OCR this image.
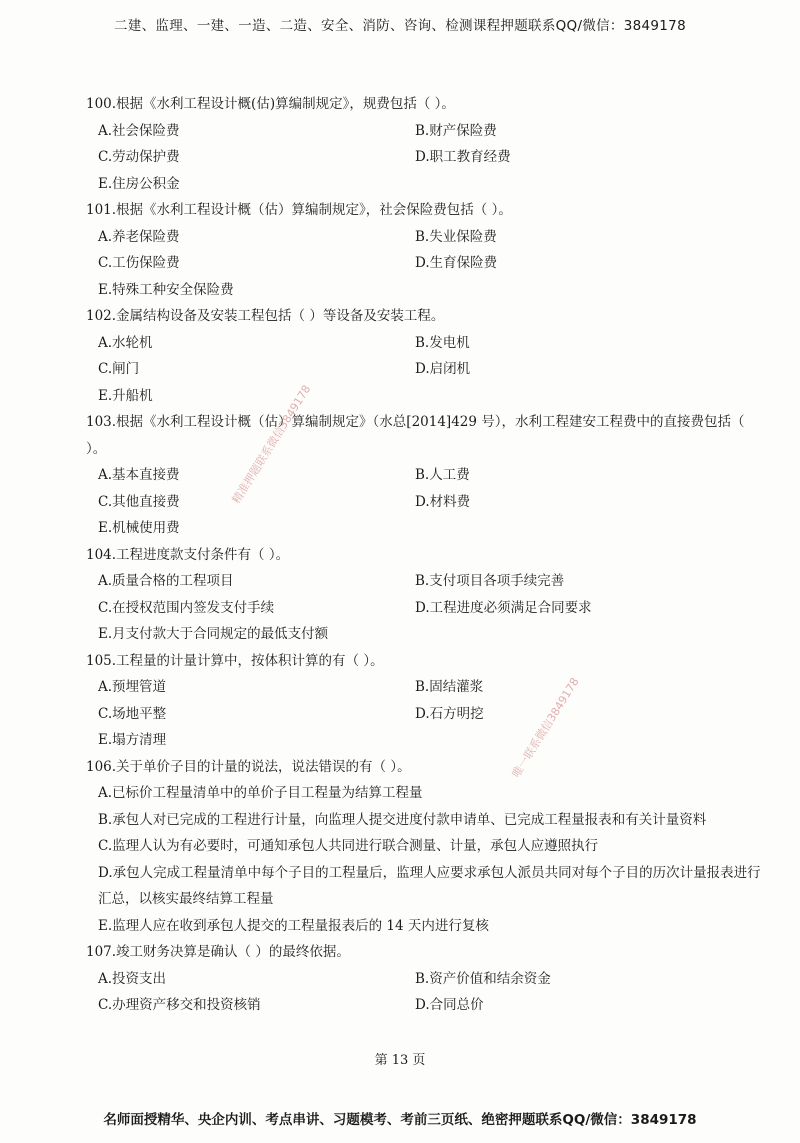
二建、监理、一建、一造、二造、安全、消防、咨询、检测课程押题联系QQ/微信：3849178
100.根据《水利工程设计概(估)算编制规定》，规费包括（ ）。
A.社会保险费	B.财产保险费
C.劳动保护费	D.职工教育经费
E.住房公积金
101.根据《水利工程设计概（估）算编制规定》，社会保险费包括（ ）。
A.养老保险费	B.失业保险费
C.工伤保险费	D.生育保险费
E.特殊工种安全保险费
102.金属结构设备及安装工程包括（ ）等设备及安装工程。
A.水轮机	B.发电机
C.闸门	D.启闭机
E.升船机
103.根据《水利工程设计概（估）算编制规定》（水总[2014]429 号），水利工程建安工程费中的直接费包括（ ）。
A.基本直接费	B.人工费
C.其他直接费	D.材料费
E.机械使用费
104.工程进度款支付条件有（ ）。
A.质量合格的工程项目	B.支付项目各项手续完善
C.在授权范围内签发支付手续	D.工程进度必须满足合同要求
E.月支付款大于合同规定的最低支付额
105.工程量的计量计算中，按体积计算的有（ ）。
A.预埋管道	B.固结灌浆
C.场地平整	D.石方明挖
E.塌方清理
106.关于单价子目的计量的说法，说法错误的有（ ）。
A.已标价工程量清单中的单价子目工程量为结算工程量
B.承包人对已完成的工程进行计量，向监理人提交进度付款申请单、已完成工程量报表和有关计量资料
C.监理人认为有必要时，可通知承包人共同进行联合测量、计量，承包人应遵照执行
D.承包人完成工程量清单中每个子目的工程量后，监理人应要求承包人派员共同对每个子目的历次计量报表进行汇总，以核实最终结算工程量
E.监理人应在收到承包人提交的工程量报表后的 14 天内进行复核
107.竣工财务决算是确认（ ）的最终依据。
A.投资支出	B.资产价值和结余资金
C.办理资产移交和投资核销	D.合同总价
精准押题联系微信3849178
唯一联系微信3849178
第 13 页
名师面授精华、央企内训、考点串讲、习题模考、考前三页纸、绝密押题联系QQ/微信：3849178
